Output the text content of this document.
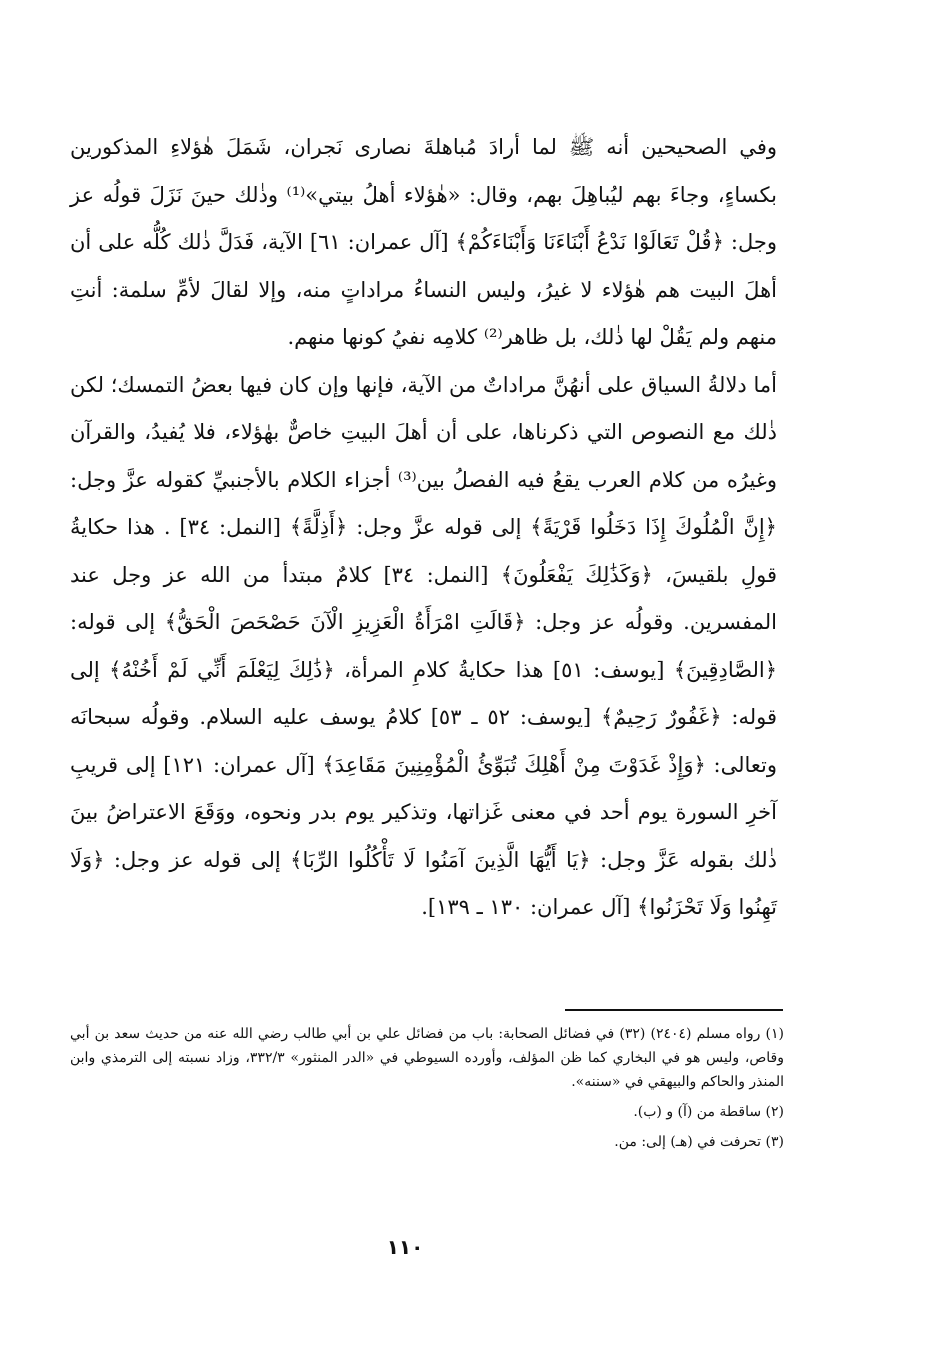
وفي الصحيحين أنه ﷺ لما أرادَ مُباهلةَ نصارى نَجران، شَمَلَ هٰؤلاءِ المذكورين بكساءٍ، وجاءَ بهم ليُباهِلَ بهم، وقال: «هٰؤلاء أهلُ بيتي»⁽¹⁾ وذٰلك حينَ نَزَلَ قولُه عز وجل: ﴿قُلْ تَعَالَوْا نَدْعُ أَبْنَاءَنَا وَأَبْنَاءَكُمْ﴾ [آل عمران: ٦١] الآية، فَدَلَّ ذٰلك كُلُّه على أن أهلَ البيت هم هٰؤلاء لا غيرُ، وليس النساءُ مراداتٍ منه، وإلا لقالَ لأمِّ سلمة: أنتِ منهم ولم يَقُلْ لها ذٰلك، بل ظاهر⁽²⁾ كلامِه نفيُ كونها منهم.

أما دلالةُ السياق على أنهُنَّ مراداتٌ من الآية، فإنها وإن كان فيها بعضُ التمسك؛ لكن ذٰلك مع النصوص التي ذكرناها، على أن أهلَ البيتِ خاصٌّ بهٰؤلاء، فلا يُفيدُ، والقرآن وغيرُه من كلام العرب يقعُ فيه الفصلُ بين⁽³⁾ أجزاء الكلام بالأجنبيِّ كقوله عزَّ وجل: ﴿إِنَّ الْمُلُوكَ إِذَا دَخَلُوا قَرْيَةً﴾ إلى قوله عزَّ وجل: ﴿أَذِلَّةً﴾ [النمل: ٣٤] . هذا حكايةُ قولِ بلقيسَ، ﴿وَكَذَٰلِكَ يَفْعَلُونَ﴾ [النمل: ٣٤] كلامٌ مبتدأ من الله عز وجل عند المفسرين. وقولُه عز وجل: ﴿قَالَتِ امْرَأَةُ الْعَزِيزِ الْآنَ حَصْحَصَ الْحَقُّ﴾ إلى قوله: ﴿الصَّادِقِينَ﴾ [يوسف: ٥١] هذا حكايةُ كلامِ المرأة، ﴿ذَٰلِكَ لِيَعْلَمَ أَنِّي لَمْ أَخُنْهُ﴾ إلى قوله: ﴿غَفُورٌ رَحِيمٌ﴾ [يوسف: ٥٢ ـ ٥٣] كلامُ يوسف عليه السلام. وقولُه سبحانَه وتعالى: ﴿وَإِذْ غَدَوْتَ مِنْ أَهْلِكَ تُبَوِّئُ الْمُؤْمِنِينَ مَقَاعِدَ﴾ [آل عمران: ١٢١] إلى قريبِ آخرِ السورة يوم أحد في معنى غَزاتها، وتذكير يوم بدر ونحوه، ووَقَعَ الاعتراضُ بينَ ذٰلك بقوله عَزَّ وجل: ﴿يَا أَيُّهَا الَّذِينَ آمَنُوا لَا تَأْكُلُوا الرِّبَا﴾ إلى قوله عز وجل: ﴿وَلَا تَهِنُوا وَلَا تَحْزَنُوا﴾ [آل عمران: ١٣٠ ـ ١٣٩].

(١) رواه مسلم (٢٤٠٤) (٣٢) في فضائل الصحابة: باب من فضائل علي بن أبي طالب رضي الله عنه من حديث سعد بن أبي وقاص، وليس هو في البخاري كما ظن المؤلف، وأورده السيوطي في «الدر المنثور» ٣٣٢/٣، وزاد نسبته إلى الترمذي وابن المنذر والحاكم والبيهقي في «سننه».

(٢) ساقطة من (آ) و (ب).

(٣) تحرفت في (هـ) إلى: من.

١١٠
